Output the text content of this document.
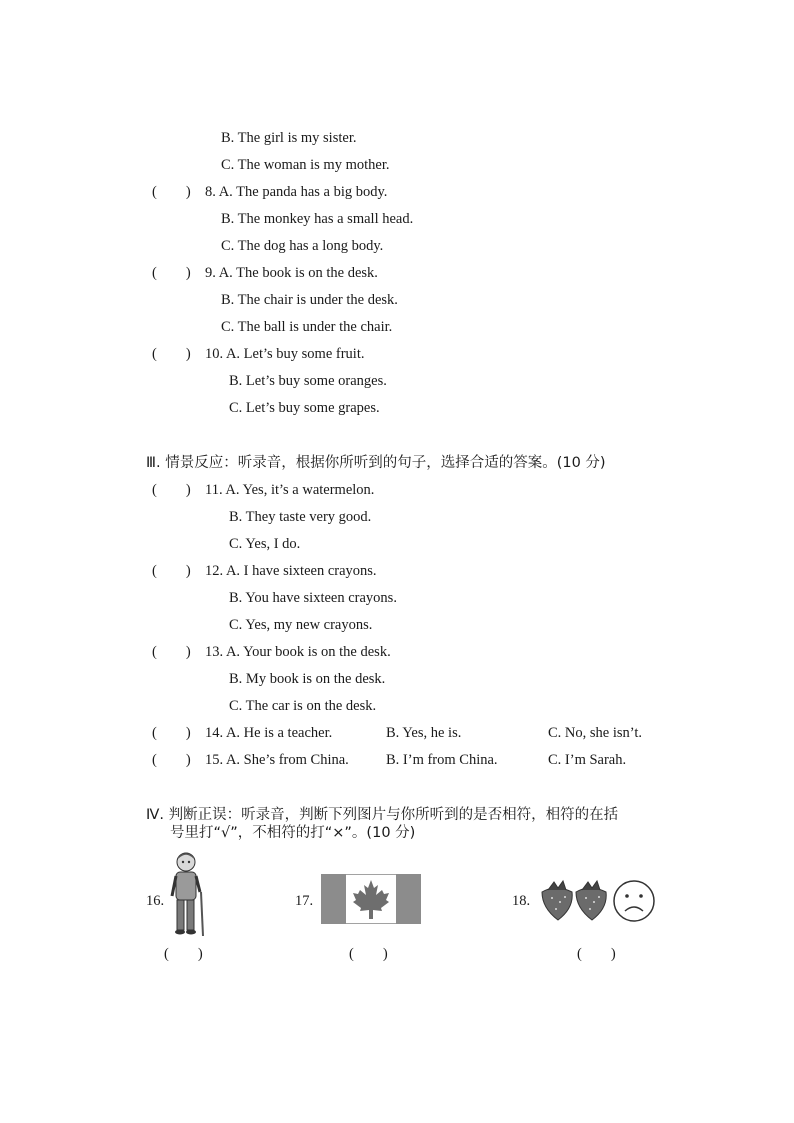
B. The girl is my sister.
C. The woman is my mother.
(　　) 8. A. The panda has a big body.
B. The monkey has a small head.
C. The dog has a long body.
(　　) 9. A. The book is on the desk.
B. The chair is under the desk.
C. The ball is under the chair.
(　　) 10. A. Let’s buy some fruit.
B. Let’s buy some oranges.
C. Let’s buy some grapes.
Ⅲ. 情景反应：听录音，根据你所听到的句子，选择合适的答案。(10 分)
(　　) 11. A. Yes, it’s a watermelon.
B. They taste very good.
C. Yes, I do.
(　　) 12. A. I have sixteen crayons.
B. You have sixteen crayons.
C. Yes, my new crayons.
(　　) 13. A. Your book is on the desk.
B. My book is on the desk.
C. The car is on the desk.
(　　) 14. A. He is a teacher.	B. Yes, he is.	C. No, she isn’t.
(　　) 15. A. She’s from China.	B. I’m from China.	C. I’m Sarah.
Ⅳ. 判断正误：听录音，判断下列图片与你所听到的是否相符，相符的在括
号里打“√”，不相符的打“×”。(10 分)
16.
(　　)
17.
(　　)
18.
(　　)
